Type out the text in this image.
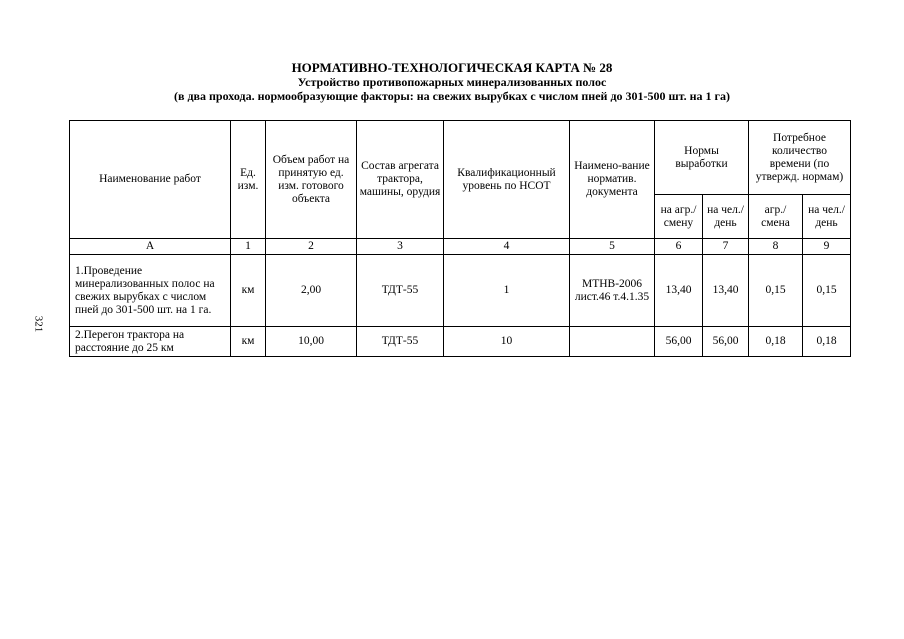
НОРМАТИВНО-ТЕХНОЛОГИЧЕСКАЯ КАРТА № 28
Устройство противопожарных минерализованных полос
(в два прохода. нормообразующие факторы: на свежих вырубках с числом пней до 301-500 шт. на 1 га)
321
Наименование работ	Ед. изм.	Объем работ на принятую ед. изм. готового объекта	Состав агрегата трактора, машины, орудия	Квалификационный уровень по НСОТ	Наимено-вание норматив. документа	Нормы выработки		Потребное количество времени (по утвержд. нормам)	
						на агр./ смену	на чел./ день	агр./ смена	на чел./ день
А	1	2	3	4	5	6	7	8	9
1.Проведение минерализованных полос на свежих вырубках с числом пней до 301-500 шт. на 1 га.	км	2,00	ТДТ-55	1	МТНВ-2006 лист.46 т.4.1.35	13,40	13,40	0,15	0,15
2.Перегон трактора на расстояние до 25 км	км	10,00	ТДТ-55	10		56,00	56,00	0,18	0,18
